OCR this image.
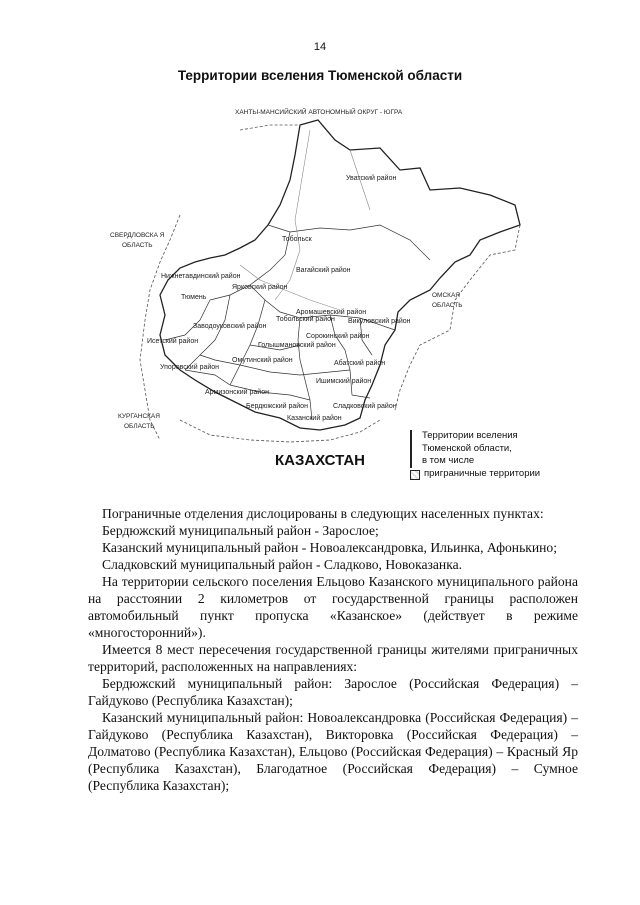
14
Территории вселения Тюменской области
ХАНТЫ-МАНСИЙСКИЙ АВТОНОМНЫЙ ОКРУГ - ЮГРА
СВЕРДЛОВСКА Я
ОБЛАСТЬ
ОМСКАЯ
ОБЛАСТЬ
КУРГАНСКАЯ
ОБЛАСТЬ
КАЗАХСТАН
Уватский район
Тобольск
Вагайский район
Нижнетавдинский район
Ярковский район
Тюмень
Тобольский район
Аромашевский район
Викуловский район
Заводоуковский район
Исетский район
Сорокинский район
Голышмановский район
Омутинский район	Абатский район
Упоровский район
Ишимский район
Армизонский район
Бердюжский район	Сладковский район
Казанский район
Территории вселения
Тюменской области,
в том числе
приграничные территории

Пограничные отделения дислоцированы в следующих населенных пунктах:

Бердюжский муниципальный район - Зарослое;

Казанский муниципальный район - Новоалександровка, Ильинка, Афонькино;

Сладковский муниципальный район - Сладково, Новоказанка.

На территории сельского поселения Ельцово Казанского муниципального района на расстоянии 2 километров от государственной границы расположен автомобильный пункт пропуска «Казанское» (действует в режиме «многосторонний»).

Имеется 8 мест пересечения государственной границы жителями приграничных территорий, расположенных на направлениях:

Бердюжский муниципальный район: Зарослое (Российская Федерация) – Гайдуково (Республика Казахстан);

Казанский муниципальный район: Новоалександровка (Российская Федерация) – Гайдуково (Республика Казахстан), Викторовка (Российская Федерация) – Долматово (Республика Казахстан), Ельцово (Российская Федерация) – Красный Яр (Республика Казахстан), Благодатное (Российская Федерация) – Сумное (Республика Казахстан);
